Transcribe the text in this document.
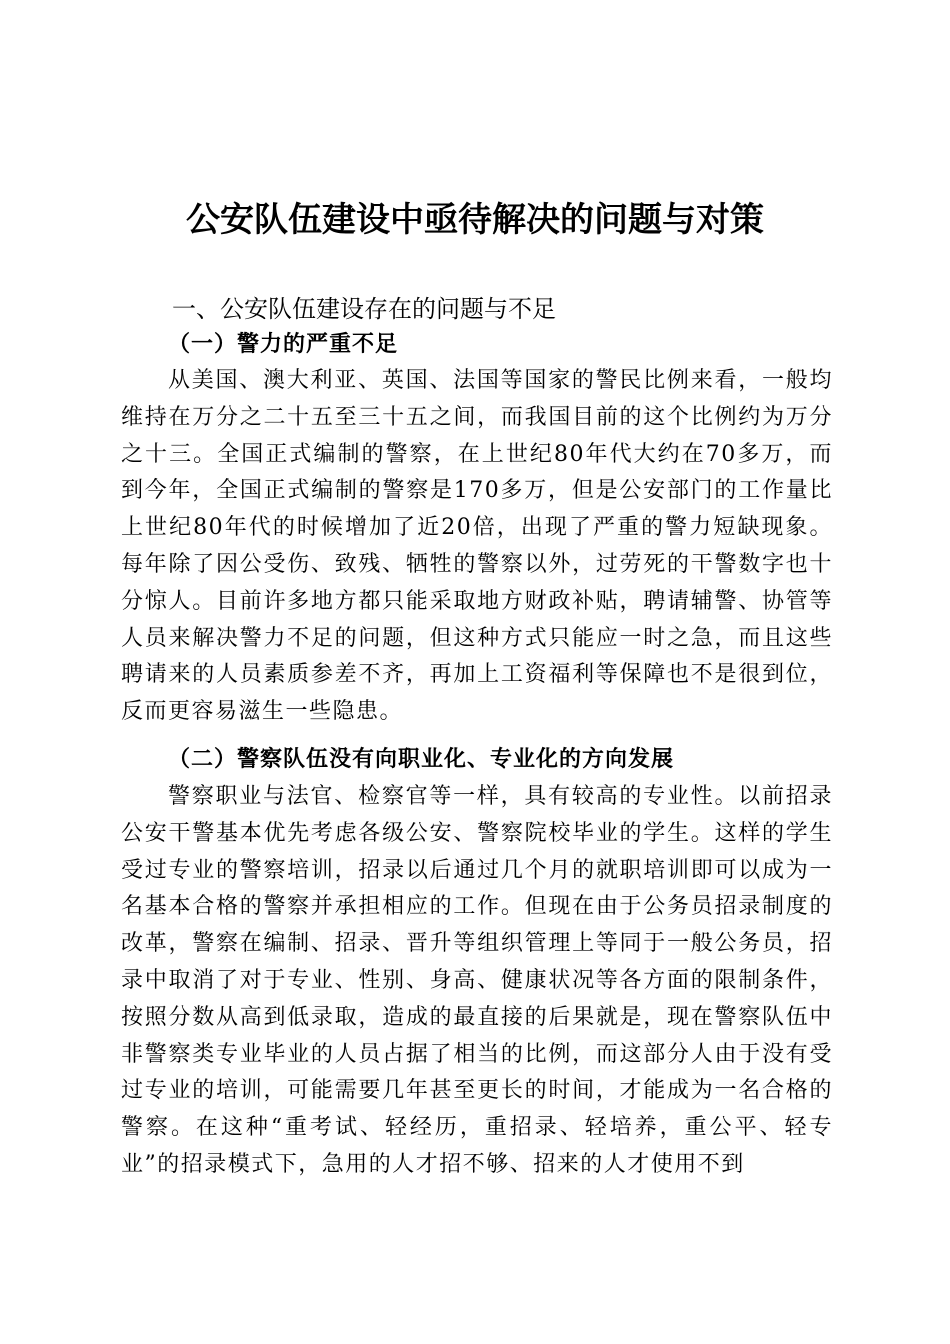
公安队伍建设中亟待解决的问题与对策
一、公安队伍建设存在的问题与不足
（一）警力的严重不足

从美国、澳大利亚、英国、法国等国家的警民比例来看，一般均维持在万分之二十五至三十五之间，而我国目前的这个比例约为万分之十三。全国正式编制的警察，在上世纪80年代大约在70多万，而到今年，全国正式编制的警察是170多万，但是公安部门的工作量比上世纪80年代的时候增加了近20倍，出现了严重的警力短缺现象。每年除了因公受伤、致残、牺牲的警察以外，过劳死的干警数字也十分惊人。目前许多地方都只能采取地方财政补贴，聘请辅警、协管等人员来解决警力不足的问题，但这种方式只能应一时之急，而且这些聘请来的人员素质参差不齐，再加上工资福利等保障也不是很到位，反而更容易滋生一些隐患。

（二）警察队伍没有向职业化、专业化的方向发展

警察职业与法官、检察官等一样，具有较高的专业性。以前招录公安干警基本优先考虑各级公安、警察院校毕业的学生。这样的学生受过专业的警察培训，招录以后通过几个月的就职培训即可以成为一名基本合格的警察并承担相应的工作。但现在由于公务员招录制度的改革，警察在编制、招录、晋升等组织管理上等同于一般公务员，招录中取消了对于专业、性别、身高、健康状况等各方面的限制条件，按照分数从高到低录取，造成的最直接的后果就是，现在警察队伍中非警察类专业毕业的人员占据了相当的比例，而这部分人由于没有受过专业的培训，可能需要几年甚至更长的时间，才能成为一名合格的警察。在这种“重考试、轻经历，重招录、轻培养，重公平、轻专业”的招录模式下，急用的人才招不够、招来的人才使用不到
